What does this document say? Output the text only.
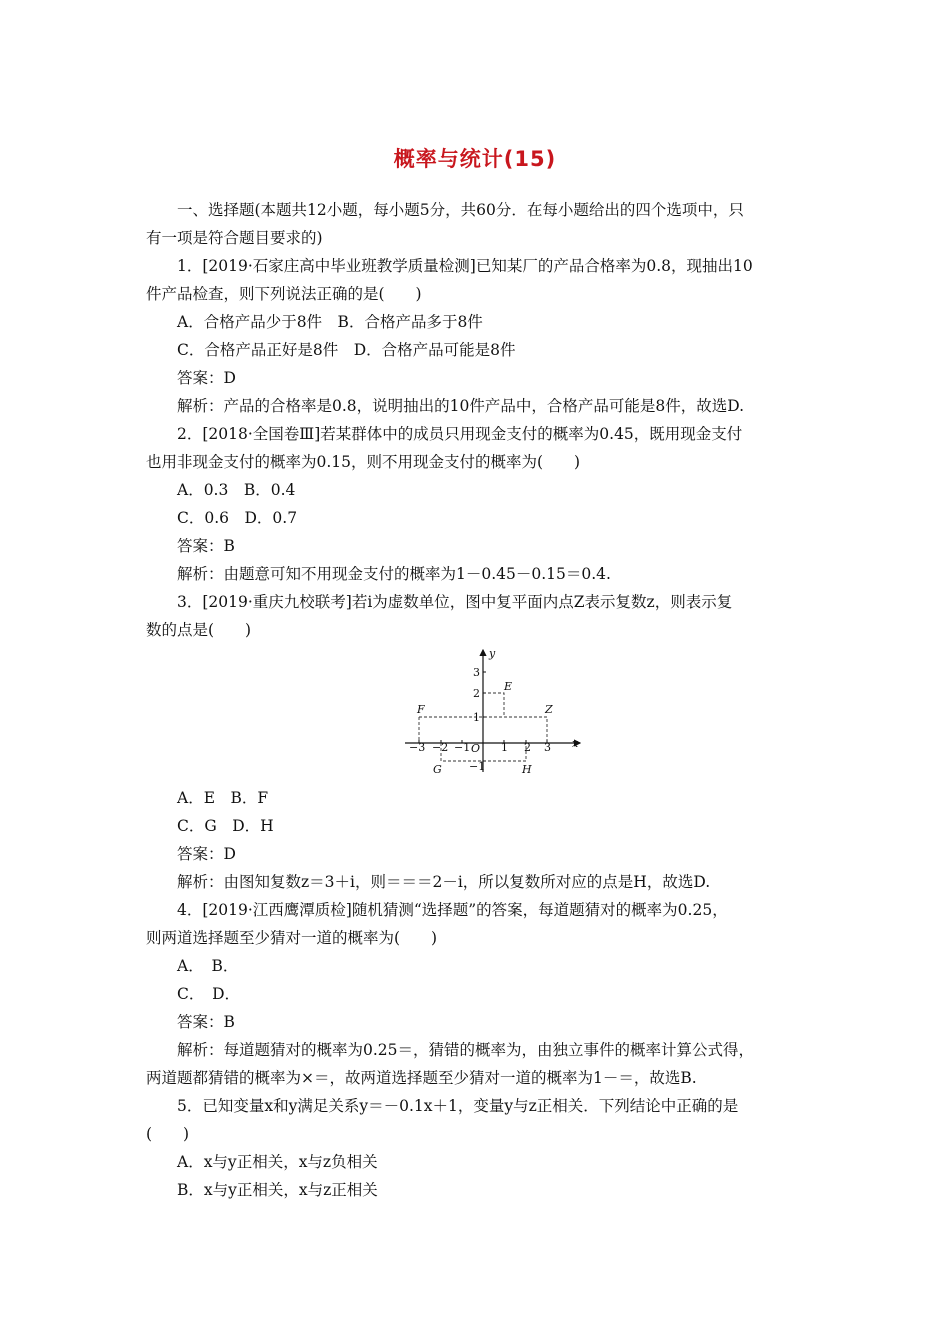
概率与统计(15)
一、选择题(本题共12小题，每小题5分，共60分．在每小题给出的四个选项中，只
有一项是符合题目要求的)
1．[2019·石家庄高中毕业班教学质量检测]已知某厂的产品合格率为0.8，现抽出10
件产品检查，则下列说法正确的是(　　)
A．合格产品少于8件　B．合格产品多于8件
C．合格产品正好是8件　D．合格产品可能是8件
答案：D
解析：产品的合格率是0.8，说明抽出的10件产品中，合格产品可能是8件，故选D.
2．[2018·全国卷Ⅲ]若某群体中的成员只用现金支付的概率为0.45，既用现金支付
也用非现金支付的概率为0.15，则不用现金支付的概率为(　　)
A．0.3　B．0.4
C．0.6　D．0.7
答案：B
解析：由题意可知不用现金支付的概率为1－0.45－0.15＝0.4.
3．[2019·重庆九校联考]若i为虚数单位，图中复平面内点Z表示复数z，则表示复
数的点是(　　)
−3 −2 −1	1 2 3
3
2
1
−1
x
y
O
E
F
G	H
Z
A．E　B．F
C．G　D．H
答案：D
解析：由图知复数z＝3＋i，则＝＝＝2－i，所以复数所对应的点是H，故选D.
4．[2019·江西鹰潭质检]随机猜测“选择题”的答案，每道题猜对的概率为0.25，
则两道选择题至少猜对一道的概率为(　　)
A．　B．
C．　D．
答案：B
解析：每道题猜对的概率为0.25＝，猜错的概率为，由独立事件的概率计算公式得，
两道题都猜错的概率为×＝，故两道选择题至少猜对一道的概率为1－＝，故选B.
5．已知变量x和y满足关系y＝－0.1x＋1，变量y与z正相关．下列结论中正确的是
(　　)
A．x与y正相关，x与z负相关
B．x与y正相关，x与z正相关
